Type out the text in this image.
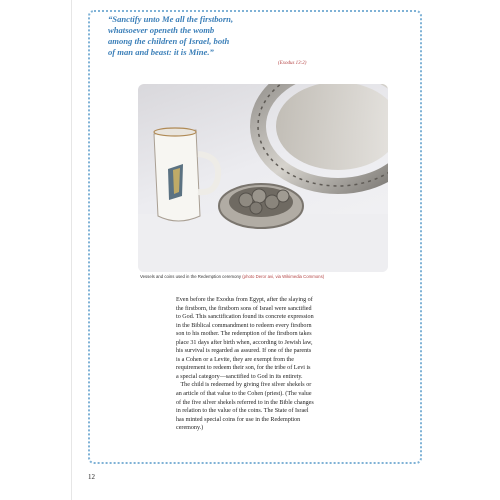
“Sanctify unto Me all the firstborn,
whatsoever openeth the womb
among the children of Israel, both
of man and beast: it is Mine.”
(Exodus 13:2)
Vessels and coins used in the Redemption ceremony (photo Deror avi, via Wikimedia Commons)
Even before the Exodus from Egypt, after the slaying of
the firstborn, the firstborn sons of Israel were sanctified
to God. This sanctification found its concrete expression
in the Biblical commandment to redeem every firstborn
son to his mother. The redemption of the firstborn takes
place 31 days after birth when, according to Jewish law,
his survival is regarded as assured. If one of the parents
is a Cohen or a Levite, they are exempt from the
requirement to redeem their son, for the tribe of Levi is
a special category—sanctified to God in its entirety.
The child is redeemed by giving five silver shekels or
an article of that value to the Cohen (priest). (The value
of the five silver shekels referred to in the Bible changes
in relation to the value of the coins. The State of Israel
has minted special coins for use in the Redemption
ceremony.)
12
